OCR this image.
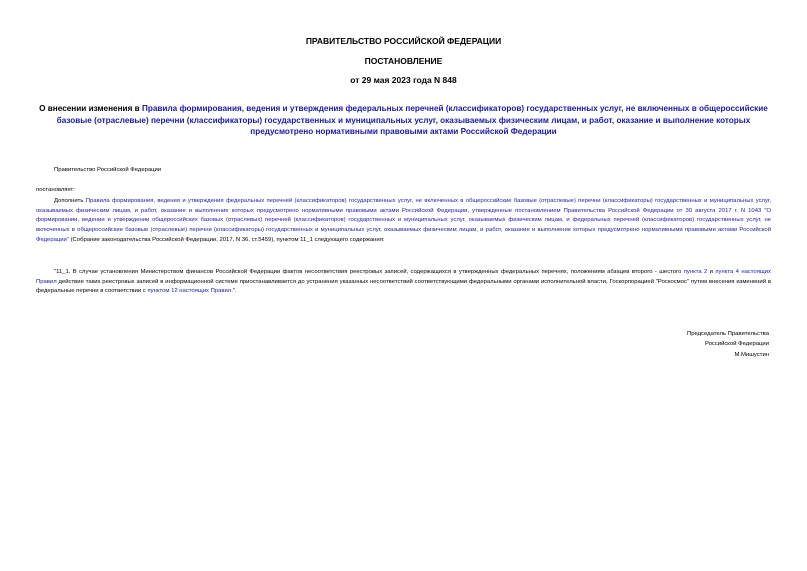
ПРАВИТЕЛЬСТВО РОССИЙСКОЙ ФЕДЕРАЦИИ
ПОСТАНОВЛЕНИЕ
от 29 мая 2023 года N 848
О внесении изменения в Правила формирования, ведения и утверждения федеральных перечней (классификаторов) государственных услуг, не включенных в общероссийские базовые (отраслевые) перечни (классификаторы) государственных и муниципальных услуг, оказываемых физическим лицам, и работ, оказание и выполнение которых предусмотрено нормативными правовыми актами Российской Федерации
Правительство Российской Федерации
постановляет:
Дополнить Правила формирования, ведения и утверждения федеральных перечней (классификаторов) государственных услуг, не включенных в общероссийские базовые (отраслевые) перечни (классификаторы) государственных и муниципальных услуг, оказываемых физическим лицам, и работ, оказание и выполнение которых предусмотрено нормативными правовыми актами Российской Федерации, утвержденные постановлением Правительства Российской Федерации от 30 августа 2017 г. N 1043 "О формировании, ведении и утверждении общероссийских базовых (отраслевых) перечней (классификаторов) государственных и муниципальных услуг, оказываемых физическим лицам, и федеральных перечней (классификаторов) государственных услуг, не включенных в общероссийские базовые (отраслевые) перечни (классификаторы) государственных и муниципальных услуг, оказываемых физическим лицам, и работ, оказание и выполнение которых предусмотрено нормативными правовыми актами Российской Федерации" (Собрание законодательства Российской Федерации, 2017, N 36, ст.5459), пунктом 11_1 следующего содержания:
"11_1. В случае установления Министерством финансов Российской Федерации фактов несоответствия реестровых записей, содержащихся в утвержденных федеральных перечнях, положениям абзацев второго - шестого пункта 2 и пункта 4 настоящих Правил действие таких реестровых записей в информационной системе приостанавливается до устранения указанных несоответствий соответствующими федеральными органами исполнительной власти, Госкорпорацией "Роскосмос" путем внесения изменений в федеральные перечни в соответствии с пунктом 12 настоящих Правил.".
Председатель Правительства
Российской Федерации
М.Мишустин
